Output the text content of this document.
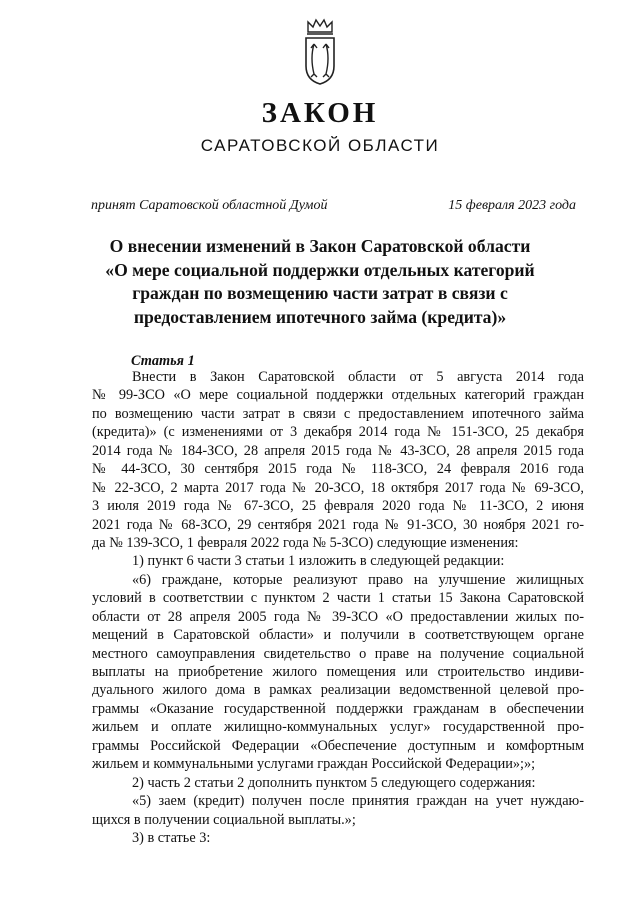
ЗАКОН
САРАТОВСКОЙ ОБЛАСТИ
принят Саратовской областной Думой	15 февраля 2023 года
О внесении изменений в Закон Саратовской области
«О мере социальной поддержки отдельных категорий
граждан по возмещению части затрат в связи с
предоставлением ипотечного займа (кредита)»
Статья 1
Внести в Закон Саратовской области от 5 августа 2014 года
№ 99-ЗСО «О мере социальной поддержки отдельных категорий граждан
по возмещению части затрат в связи с предоставлением ипотечного займа
(кредита)» (с изменениями от 3 декабря 2014 года № 151-ЗСО, 25 декабря
2014 года № 184-ЗСО, 28 апреля 2015 года № 43-ЗСО, 28 апреля 2015 года
№ 44-ЗСО, 30 сентября 2015 года № 118-ЗСО, 24 февраля 2016 года
№ 22-ЗСО, 2 марта 2017 года № 20-ЗСО, 18 октября 2017 года № 69-ЗСО,
3 июля 2019 года № 67-ЗСО, 25 февраля 2020 года № 11-ЗСО, 2 июня
2021 года № 68-ЗСО, 29 сентября 2021 года № 91-ЗСО, 30 ноября 2021 го-
да № 139-ЗСО, 1 февраля 2022 года № 5-ЗСО) следующие изменения:
1) пункт 6 части 3 статьи 1 изложить в следующей редакции:
«6) граждане, которые реализуют право на улучшение жилищных
условий в соответствии с пунктом 2 части 1 статьи 15 Закона Саратовской
области от 28 апреля 2005 года № 39-ЗСО «О предоставлении жилых по-
мещений в Саратовской области» и получили в соответствующем органе
местного самоуправления свидетельство о праве на получение социальной
выплаты на приобретение жилого помещения или строительство индиви-
дуального жилого дома в рамках реализации ведомственной целевой про-
граммы «Оказание государственной поддержки гражданам в обеспечении
жильем и оплате жилищно-коммунальных услуг» государственной про-
граммы Российской Федерации «Обеспечение доступным и комфортным
жильем и коммунальными услугами граждан Российской Федерации»;»;
2) часть 2 статьи 2 дополнить пунктом 5 следующего содержания:
«5) заем (кредит) получен после принятия граждан на учет нуждаю-
щихся в получении социальной выплаты.»;
3) в статье 3:
